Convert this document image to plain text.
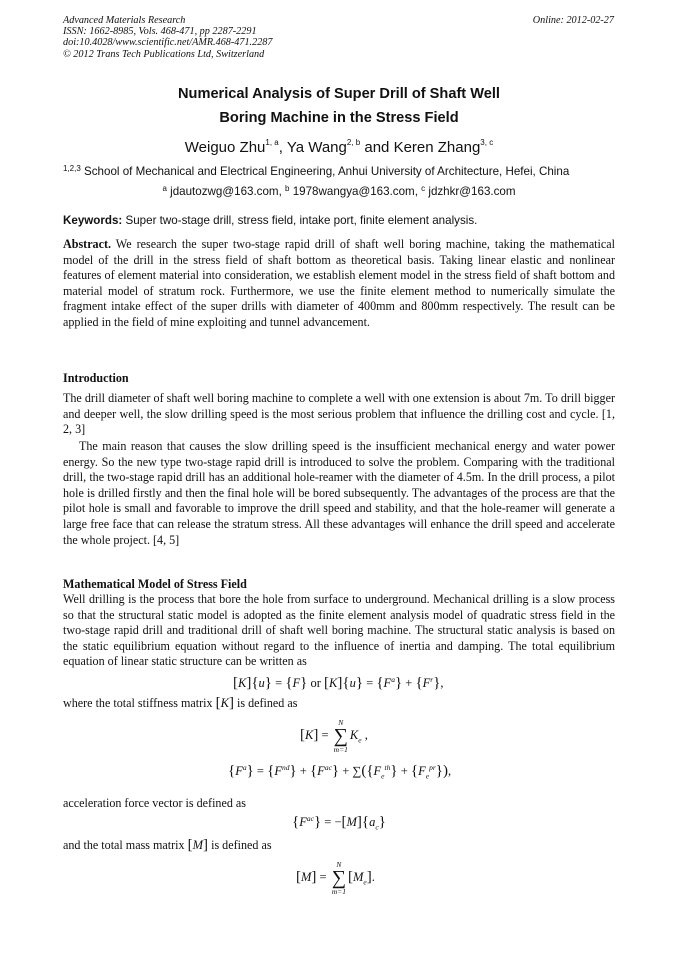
Advanced Materials Research
ISSN: 1662-8985, Vols. 468-471, pp 2287-2291
doi:10.4028/www.scientific.net/AMR.468-471.2287
© 2012 Trans Tech Publications Ltd, Switzerland
Online: 2012-02-27
Numerical Analysis of Super Drill of Shaft Well
Boring Machine in the Stress Field
Weiguo Zhu$^{1, a}$, Ya Wang$^{2, b}$ and Keren Zhang$^{3, c}$
$^{1,2,3}$ School of Mechanical and Electrical Engineering, Anhui University of Architecture, Hefei, China
$^a$ jdautozwg@163.com, $^b$ 1978wangya@163.com, $^c$ jdzhkr@163.com
Keywords: Super two-stage drill, stress field, intake port, finite element analysis.
Abstract. We research the super two-stage rapid drill of shaft well boring machine, taking the mathematical model of the drill in the stress field of shaft bottom as theoretical basis. Taking linear elastic and nonlinear features of element material into consideration, we establish element model in the stress field of shaft bottom and material model of stratum rock. Furthermore, we use the finite element method to numerically simulate the fragment intake effect of the super drills with diameter of 400mm and 800mm respectively. The result can be applied in the field of mine exploiting and tunnel advancement.
Introduction
The drill diameter of shaft well boring machine to complete a well with one extension is about 7m. To drill bigger and deeper well, the slow drilling speed is the most serious problem that influence the drilling cost and cycle. [1, 2, 3]
The main reason that causes the slow drilling speed is the insufficient mechanical energy and water power energy. So the new type two-stage rapid drill is introduced to solve the problem. Comparing with the traditional drill, the two-stage rapid drill has an additional hole-reamer with the diameter of 4.5m. In the drill process, a pilot hole is drilled firstly and then the final hole will be bored subsequently. The advantages of the process are that the pilot hole is small and favorable to improve the drill speed and stability, and that the hole-reamer will generate a large free face that can release the stratum stress. All these advantages will enhance the drill speed and accelerate the whole project. [4, 5]
Mathematical Model of Stress Field
Well drilling is the process that bore the hole from surface to underground. Mechanical drilling is a slow process so that the structural static model is adopted as the finite element analysis model of quadratic stress field in the two-stage rapid drill and traditional drill of shaft well boring machine. The structural static analysis is based on the static equilibrium equation without regard to the influence of inertia and damping. The total equilibrium equation of linear static structure can be written as
[K]{u} = {F} or $[K]\{u\} = \{F^a\} + \{F^r\}$,
where the total stiffness matrix [K] is defined as
[K] =
N
∑
m=1
$K_e$ ,
$\{F^a\} = \{F^{nd}\} + \{F^{ac}\} + \sum(\{F_e^{th}\} + \{F_e^{pr}\})$,
acceleration force vector is defined as
$\{F^{ac}\} = -[M]\{a_c\}$
and the total mass matrix [M] is defined as
[M] =
N
∑
m=1
$[M_e]$.
